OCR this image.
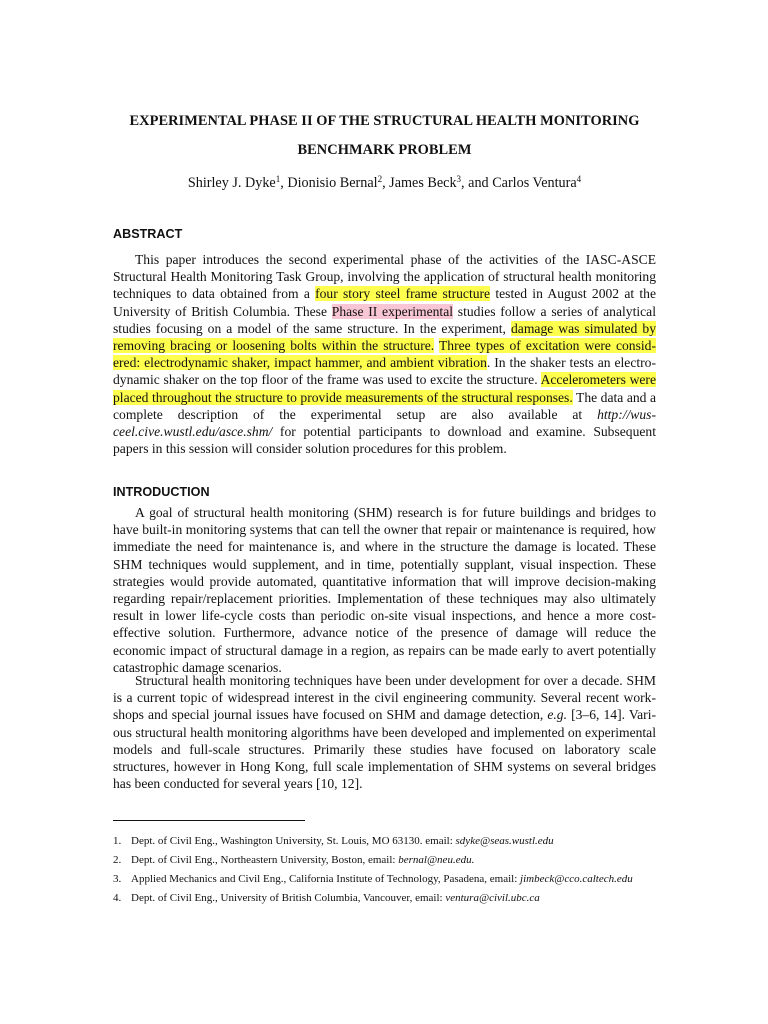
EXPERIMENTAL PHASE II OF THE STRUCTURAL HEALTH MONITORING
BENCHMARK PROBLEM
Shirley J. Dyke$^1$, Dionisio Bernal$^2$, James Beck$^3$, and Carlos Ventura$^4$
ABSTRACT
This paper introduces the second experimental phase of the activities of the IASC-ASCE Structural Health Monitoring Task Group, involving the application of structural health monitoring techniques to data obtained from a four story steel frame structure tested in August 2002 at the University of British Columbia. These Phase II experimental studies follow a series of analytical studies focusing on a model of the same structure. In the experiment, damage was simulated by removing bracing or loosening bolts within the structure. Three types of excitation were considered: electrodynamic shaker, impact hammer, and ambient vibration. In the shaker tests an electrodynamic shaker on the top floor of the frame was used to excite the structure. Accelerometers were placed throughout the structure to provide measurements of the structural responses. The data and a complete description of the experimental setup are also available at http://wusceel.cive.wustl.edu/asce.shm/ for potential participants to download and examine. Subsequent papers in this session will consider solution procedures for this problem.
INTRODUCTION
A goal of structural health monitoring (SHM) research is for future buildings and bridges to have built-in monitoring systems that can tell the owner that repair or maintenance is required, how immediate the need for maintenance is, and where in the structure the damage is located. These SHM techniques would supplement, and in time, potentially supplant, visual inspection. These strategies would provide automated, quantitative information that will improve decision-making regarding repair/replacement priorities. Implementation of these techniques may also ultimately result in lower life-cycle costs than periodic on-site visual inspections, and hence a more cost-effective solution. Furthermore, advance notice of the presence of damage will reduce the economic impact of structural damage in a region, as repairs can be made early to avert potentially catastrophic damage scenarios.
Structural health monitoring techniques have been under development for over a decade. SHM is a current topic of widespread interest in the civil engineering community. Several recent workshops and special journal issues have focused on SHM and damage detection, e.g. [3–6, 14]. Various structural health monitoring algorithms have been developed and implemented on experimental models and full-scale structures. Primarily these studies have focused on laboratory scale structures, however in Hong Kong, full scale implementation of SHM systems on several bridges has been conducted for several years [10, 12].
1. Dept. of Civil Eng., Washington University, St. Louis, MO 63130. email: sdyke@seas.wustl.edu
2. Dept. of Civil Eng., Northeastern University, Boston, email: bernal@neu.edu.
3. Applied Mechanics and Civil Eng., California Institute of Technology, Pasadena, email: jimbeck@cco.caltech.edu
4. Dept. of Civil Eng., University of British Columbia, Vancouver, email: ventura@civil.ubc.ca
